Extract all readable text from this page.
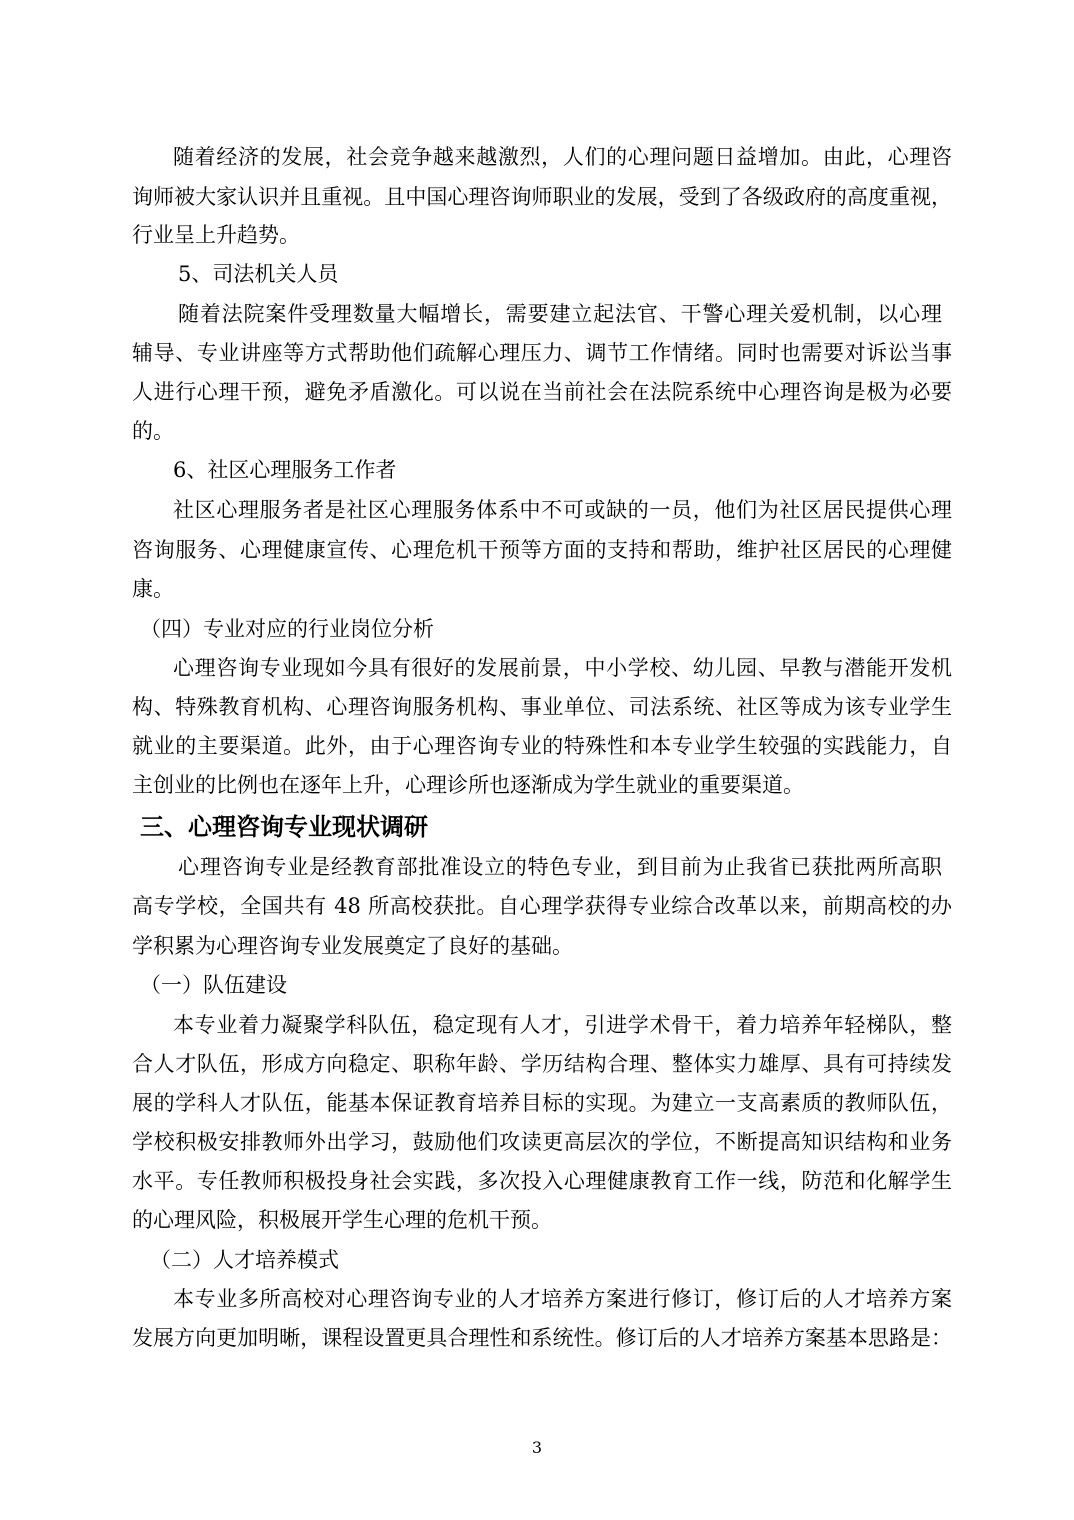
随着经济的发展，社会竞争越来越激烈，人们的心理问题日益增加。由此，心理咨
询师被大家认识并且重视。且中国心理咨询师职业的发展，受到了各级政府的高度重视，
行业呈上升趋势。
5、司法机关人员
随着法院案件受理数量大幅增长，需要建立起法官、干警心理关爱机制，以心理
辅导、专业讲座等方式帮助他们疏解心理压力、调节工作情绪。同时也需要对诉讼当事
人进行心理干预，避免矛盾激化。可以说在当前社会在法院系统中心理咨询是极为必要
的。
6、社区心理服务工作者
社区心理服务者是社区心理服务体系中不可或缺的一员，他们为社区居民提供心理
咨询服务、心理健康宣传、心理危机干预等方面的支持和帮助，维护社区居民的心理健
康。
（四）专业对应的行业岗位分析
心理咨询专业现如今具有很好的发展前景，中小学校、幼儿园、早教与潜能开发机
构、特殊教育机构、心理咨询服务机构、事业单位、司法系统、社区等成为该专业学生
就业的主要渠道。此外，由于心理咨询专业的特殊性和本专业学生较强的实践能力，自
主创业的比例也在逐年上升，心理诊所也逐渐成为学生就业的重要渠道。
三、心理咨询专业现状调研
心理咨询专业是经教育部批准设立的特色专业，到目前为止我省已获批两所高职
高专学校，全国共有 48 所高校获批。自心理学获得专业综合改革以来，前期高校的办
学积累为心理咨询专业发展奠定了良好的基础。
（一）队伍建设
本专业着力凝聚学科队伍，稳定现有人才，引进学术骨干，着力培养年轻梯队，整
合人才队伍，形成方向稳定、职称年龄、学历结构合理、整体实力雄厚、具有可持续发
展的学科人才队伍，能基本保证教育培养目标的实现。为建立一支高素质的教师队伍，
学校积极安排教师外出学习，鼓励他们攻读更高层次的学位，不断提高知识结构和业务
水平。专任教师积极投身社会实践，多次投入心理健康教育工作一线，防范和化解学生
的心理风险，积极展开学生心理的危机干预。
（二）人才培养模式
本专业多所高校对心理咨询专业的人才培养方案进行修订，修订后的人才培养方案
发展方向更加明晰，课程设置更具合理性和系统性。修订后的人才培养方案基本思路是：
3
